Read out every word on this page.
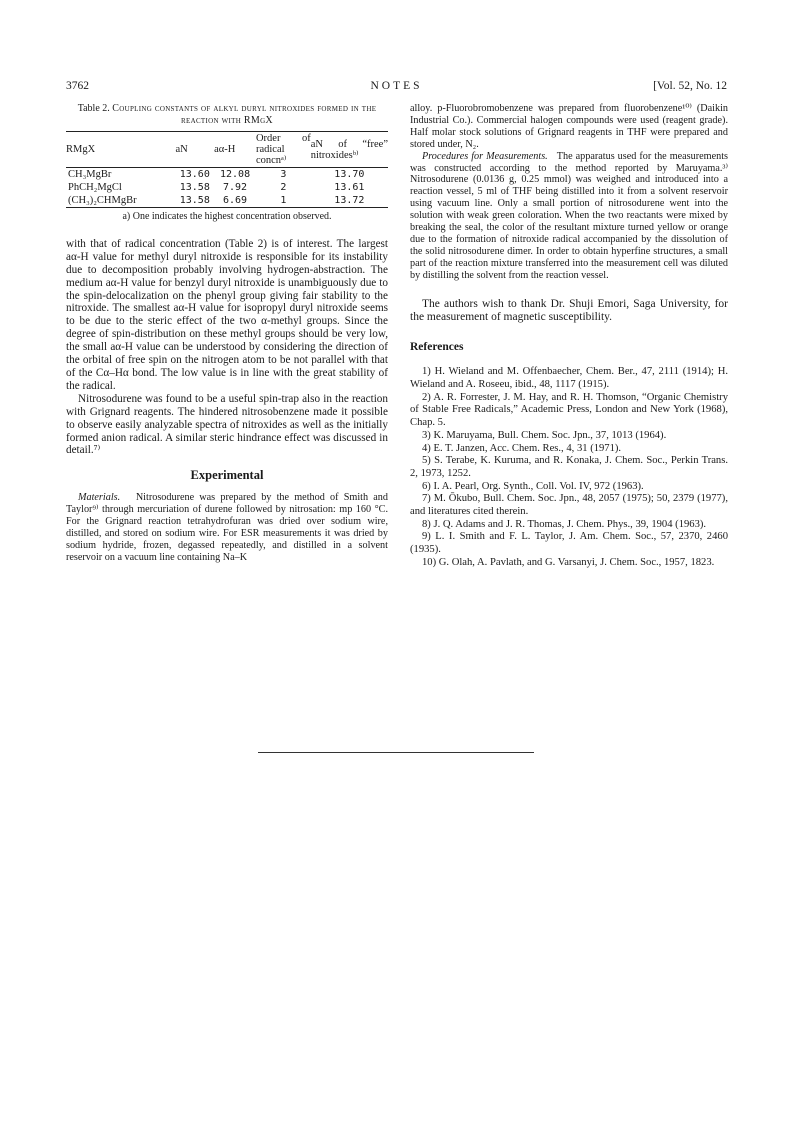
3762	NOTES	[Vol. 52, No. 12
Table 2. Coupling constants of alkyl duryl nitroxides formed in the reaction with RMgX
RMgX	aN	aα-H	Order of radical concnᵃ⁾	aN of “free” nitroxidesᵇ⁾
CH₃MgBr	13.60	12.08	3	13.70
PhCH₂MgCl	13.58	7.92	2	13.61
(CH₃)₂CHMgBr	13.58	6.69	1	13.72
a) One indicates the highest concentration observed.

with that of radical concentration (Table 2) is of interest. The largest aα-H value for methyl duryl nitroxide is responsible for its instability due to decomposition probably involving hydrogen-abstraction. The medium aα-H value for benzyl duryl nitroxide is unambiguously due to the spin-delocalization on the phenyl group giving fair stability to the nitroxide. The smallest aα-H value for isopropyl duryl nitroxide seems to be due to the steric effect of the two α-methyl groups. Since the degree of spin-distribution on these methyl groups should be very low, the small aα-H value can be understood by considering the direction of the orbital of free spin on the nitrogen atom to be not parallel with that of the Cα–Hα bond. The low value is in line with the great stability of the radical.

Nitrosodurene was found to be a useful spin-trap also in the reaction with Grignard reagents. The hindered nitrosobenzene made it possible to observe easily analyzable spectra of nitroxides as well as the initially formed anion radical. A similar steric hindrance effect was discussed in detail.⁷⁾

Experimental

Materials. Nitrosodurene was prepared by the method of Smith and Taylor⁹⁾ through mercuriation of durene followed by nitrosation: mp 160 °C. For the Grignard reaction tetrahydrofuran was dried over sodium wire, distilled, and stored on sodium wire. For ESR measurements it was dried by sodium hydride, frozen, degassed repeatedly, and distilled in a solvent reservoir on a vacuum line containing Na–K

alloy. p-Fluorobromobenzene was prepared from fluorobenzene¹⁰⁾ (Daikin Industrial Co.). Commercial halogen compounds were used (reagent grade). Half molar stock solutions of Grignard reagents in THF were prepared and stored under, N₂.

Procedures for Measurements. The apparatus used for the measurements was constructed according to the method reported by Maruyama.³⁾ Nitrosodurene (0.0136 g, 0.25 mmol) was weighed and introduced into a reaction vessel, 5 ml of THF being distilled into it from a solvent reservoir using vacuum line. Only a small portion of nitrosodurene went into the solution with weak green coloration. When the two reactants were mixed by breaking the seal, the color of the resultant mixture turned yellow or orange due to the formation of nitroxide radical accompanied by the dissolution of the solid nitrosodurene dimer. In order to obtain hyperfine structures, a small part of the reaction mixture transferred into the measurement cell was diluted by distilling the solvent from the reaction vessel.

The authors wish to thank Dr. Shuji Emori, Saga University, for the measurement of magnetic susceptibility.

References

1) H. Wieland and M. Offenbaecher, Chem. Ber., 47, 2111 (1914); H. Wieland and A. Roseeu, ibid., 48, 1117 (1915).

2) A. R. Forrester, J. M. Hay, and R. H. Thomson, “Organic Chemistry of Stable Free Radicals,” Academic Press, London and New York (1968), Chap. 5.

3) K. Maruyama, Bull. Chem. Soc. Jpn., 37, 1013 (1964).

4) E. T. Janzen, Acc. Chem. Res., 4, 31 (1971).

5) S. Terabe, K. Kuruma, and R. Konaka, J. Chem. Soc., Perkin Trans. 2, 1973, 1252.

6) I. A. Pearl, Org. Synth., Coll. Vol. IV, 972 (1963).

7) M. Ōkubo, Bull. Chem. Soc. Jpn., 48, 2057 (1975); 50, 2379 (1977), and literatures cited therein.

8) J. Q. Adams and J. R. Thomas, J. Chem. Phys., 39, 1904 (1963).

9) L. I. Smith and F. L. Taylor, J. Am. Chem. Soc., 57, 2370, 2460 (1935).

10) G. Olah, A. Pavlath, and G. Varsanyi, J. Chem. Soc., 1957, 1823.
